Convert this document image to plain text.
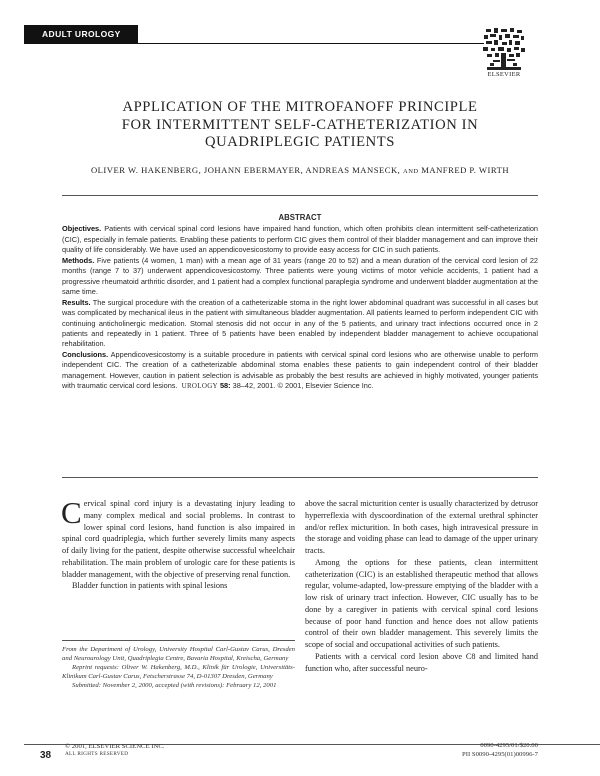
ADULT UROLOGY
ELSEVIER
APPLICATION OF THE MITROFANOFF PRINCIPLE
FOR INTERMITTENT SELF-CATHETERIZATION IN
QUADRIPLEGIC PATIENTS
OLIVER W. HAKENBERG, JOHANN EBERMAYER, ANDREAS MANSECK, AND MANFRED P. WIRTH
ABSTRACT

Objectives. Patients with cervical spinal cord lesions have impaired hand function, which often prohibits clean intermittent self-catheterization (CIC), especially in female patients. Enabling these patients to perform CIC gives them control of their bladder management and can improve their quality of life considerably. We have used an appendicovesicostomy to provide easy access for CIC in such patients.

Methods. Five patients (4 women, 1 man) with a mean age of 31 years (range 20 to 52) and a mean duration of the cervical cord lesion of 22 months (range 7 to 37) underwent appendicovesicostomy. Three patients were young victims of motor vehicle accidents, 1 patient had a progressive rheumatoid arthritic disorder, and 1 patient had a complex functional paraplegia syndrome and underwent bladder augmentation at the same time.

Results. The surgical procedure with the creation of a catheterizable stoma in the right lower abdominal quadrant was successful in all cases but was complicated by mechanical ileus in the patient with simultaneous bladder augmentation. All patients learned to perform independent CIC with continuing anticholinergic medication. Stomal stenosis did not occur in any of the 5 patients, and urinary tract infections occurred once in 2 patients and repeatedly in 1 patient. Three of 5 patients have been enabled by independent bladder management to achieve occupational rehabilitation.

Conclusions. Appendicovesicostomy is a suitable procedure in patients with cervical spinal cord lesions who are otherwise unable to perform independent CIC. The creation of a catheterizable abdominal stoma enables these patients to gain independent control of their bladder management. However, caution in patient selection is advisable as probably the best results are achieved in highly motivated, younger patients with traumatic cervical cord lesions. UROLOGY 58: 38–42, 2001. © 2001, Elsevier Science Inc.

Cervical spinal cord injury is a devastating injury leading to many complex medical and social problems. In contrast to lower spinal cord lesions, hand function is also impaired in spinal cord quadriplegia, which further severely limits many aspects of daily living for the patient, despite otherwise successful wheelchair rehabilitation. The main problem of urologic care for these patients is bladder management, with the objective of preserving renal function.

Bladder function in patients with spinal lesions

From the Department of Urology, University Hospital Carl-Gustav Carus, Dresden and Neurourology Unit, Quadriplegia Centre, Bavaria Hospital, Kreischa, Germany

Reprint requests: Oliver W. Hakenberg, M.D., Klinik für Urologie, Universitäts-Klinikum Carl-Gustav Carus, Fetscherstrasse 74, D-01307 Dresden, Germany

Submitted: November 2, 2000, accepted (with revisions): February 12, 2001

above the sacral micturition center is usually characterized by detrusor hyperreflexia with dyscoordination of the external urethral sphincter and/or reflex micturition. In both cases, high intravesical pressure in the storage and voiding phase can lead to damage of the upper urinary tracts.

Among the options for these patients, clean intermittent catheterization (CIC) is an established therapeutic method that allows regular, volume-adapted, low-pressure emptying of the bladder with a low risk of urinary tract infection. However, CIC usually has to be done by a caregiver in patients with cervical spinal cord lesions because of poor hand function and hence does not allow patients control of their own bladder management. This severely limits the scope of social and occupational activities of such patients.

Patients with a cervical cord lesion above C8 and limited hand function who, after successful neuro-

38
© 2001, ELSEVIER SCIENCE INC.
ALL RIGHTS RESERVED
0090-4295/01/$20.00
PII S0090-4295(01)00996-7
